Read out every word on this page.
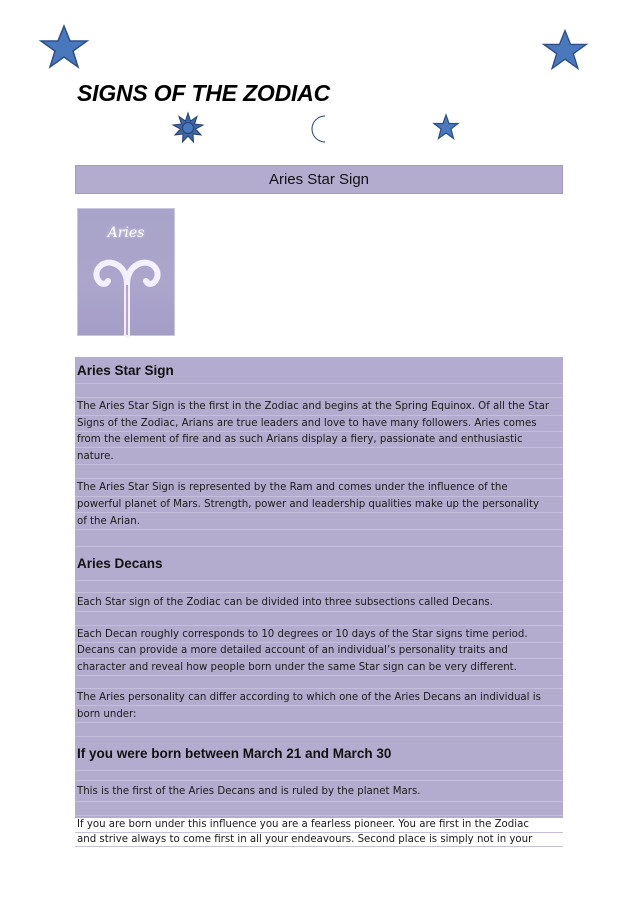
SIGNS OF THE ZODIAC
Aries Star Sign
Aries
Aries Star Sign
The Aries Star Sign is the first in the Zodiac and begins at the Spring Equinox. Of all the Star
Signs of the Zodiac, Arians are true leaders and love to have many followers. Aries comes
from the element of fire and as such Arians display a fiery, passionate and enthusiastic
nature.
The Aries Star Sign is represented by the Ram and comes under the influence of the
powerful planet of Mars. Strength, power and leadership qualities make up the personality
of the Arian.
Aries Decans
Each Star sign of the Zodiac can be divided into three subsections called Decans.
Each Decan roughly corresponds to 10 degrees or 10 days of the Star signs time period.
Decans can provide a more detailed account of an individual’s personality traits and
character and reveal how people born under the same Star sign can be very different.
The Aries personality can differ according to which one of the Aries Decans an individual is
born under:
If you were born between March 21 and March 30
This is the first of the Aries Decans and is ruled by the planet Mars.
If you are born under this influence you are a fearless pioneer. You are first in the Zodiac
and strive always to come first in all your endeavours. Second place is simply not in your
